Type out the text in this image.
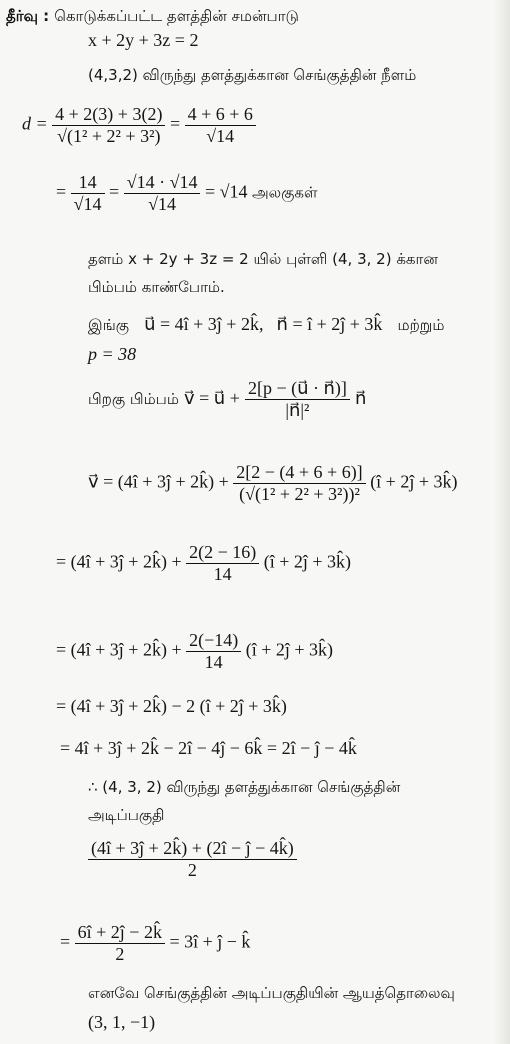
தீர்வு : கொடுக்கப்பட்ட தளத்தின் சமன்பாடு
x + 2y + 3z = 2
(4,3,2) விருந்து தளத்துக்கான செங்குத்தின் நீளம்
$d = \frac{4 + 2(3) + 3(2)}{\text{√(1² + 2² + 3²)}} = \frac{4 + 6 + 6}{√14}$
= $\frac{14}{√14} = \frac{√14 \cdot √14}{√14} = √14$ அலகுகள்
தளம் x + 2y + 3z = 2 யில் புள்ளி (4, 3, 2) க்கான
பிம்பம் காண்போம்.
இங்கு u⃗ = 4î + 3ĵ + 2k̂, n⃗ = î + 2ĵ + 3k̂ மற்றும்
p = 38
பிறகு பிம்பம் v⃗ = u⃗ + $\frac{2[p - (u⃗ \cdot n⃗)]}{\text{|n⃗|²}}$ n⃗
v⃗ = (4î + 3ĵ + 2k̂) + $\frac{2[2 - (4 + 6 + 6)]}{\text{(√(1² + 2² + 3²))²}}$ (î + 2ĵ + 3k̂)
= (4î + 3ĵ + 2k̂) + $\frac{2(2 - 16)}{14}$ (î + 2ĵ + 3k̂)
= (4î + 3ĵ + 2k̂) + $\frac{2(-14)}{14}$ (î + 2ĵ + 3k̂)
= (4î + 3ĵ + 2k̂) − 2 (î + 2ĵ + 3k̂)
= 4î + 3ĵ + 2k̂ − 2î − 4ĵ − 6k̂ = 2î − ĵ − 4k̂
∴ (4, 3, 2) விருந்து தளத்துக்கான செங்குத்தின்
அடிப்பகுதி
$\frac{(4î + 3ĵ + 2k̂) + (2î - ĵ - 4k̂)}{2}$
= $\frac{6î + 2ĵ - 2k̂}{2}$ = 3î + ĵ − k̂
எனவே செங்குத்தின் அடிப்பகுதியின் ஆயத்தொலைவு
(3, 1, −1)
